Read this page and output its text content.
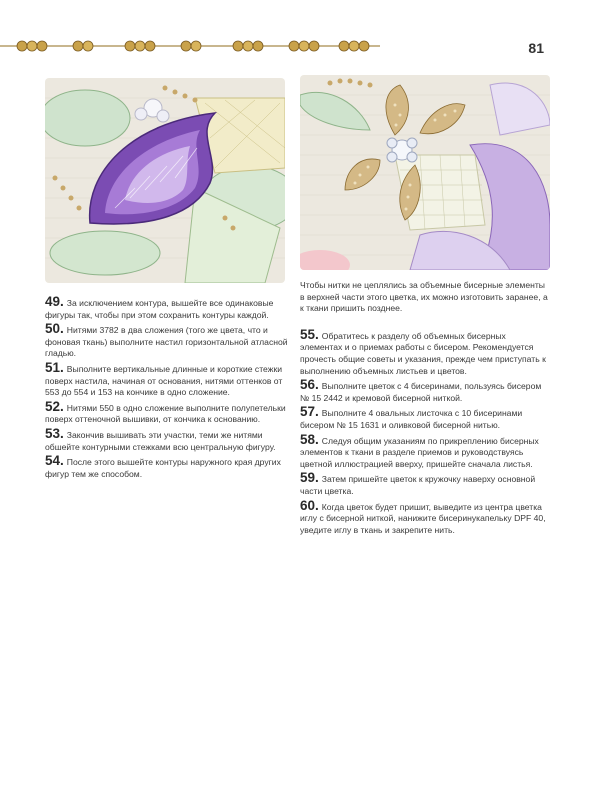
81

49. За исключением контура, вышейте все одинаковые фигуры так, чтобы при этом сохранить контуры каждой.

50. Нитями 3782 в два сложения (того же цвета, что и фоновая ткань) выполните настил горизонтальной атласной гладью.

51. Выполните вертикальные длинные и короткие стежки поверх настила, начиная от основания, нитями оттенков от 553 до 554 и 153 на кончике в одно сложение.

52. Нитями 550 в одно сложение выполните полупетельки поверх оттеночной вышивки, от кончика к основанию.

53. Закончив вышивать эти участки, теми же нитями обшейте контурными стежками всю центральную фигуру.

54. После этого вышейте контуры наружного края других фигур тем же способом.

Чтобы нитки не цеплялись за объемные бисерные элементы в верхней части этого цветка, их можно изготовить заранее, а к ткани пришить позднее.

55. Обратитесь к разделу об объемных бисерных элементах и о приемах работы с бисером. Рекомендуется прочесть общие советы и указания, прежде чем приступать к выполнению объемных листьев и цветов.

56. Выполните цветок с 4 бисеринами, пользуясь бисером № 15 2442 и кремовой бисерной ниткой.

57. Выполните 4 овальных листочка с 10 бисеринами бисером № 15 1631 и оливковой бисерной нитью.

58. Следуя общим указаниям по прикреплению бисерных элементов к ткани в разделе приемов и руководствуясь цветной иллюстрацией вверху, пришейте сначала листья.

59. Затем пришейте цветок к кружочку наверху основной части цветка.

60. Когда цветок будет пришит, выведите из центра цветка иглу с бисерной ниткой, нанижите бисеринукапельку DPF 40, уведите иглу в ткань и закрепите нить.
